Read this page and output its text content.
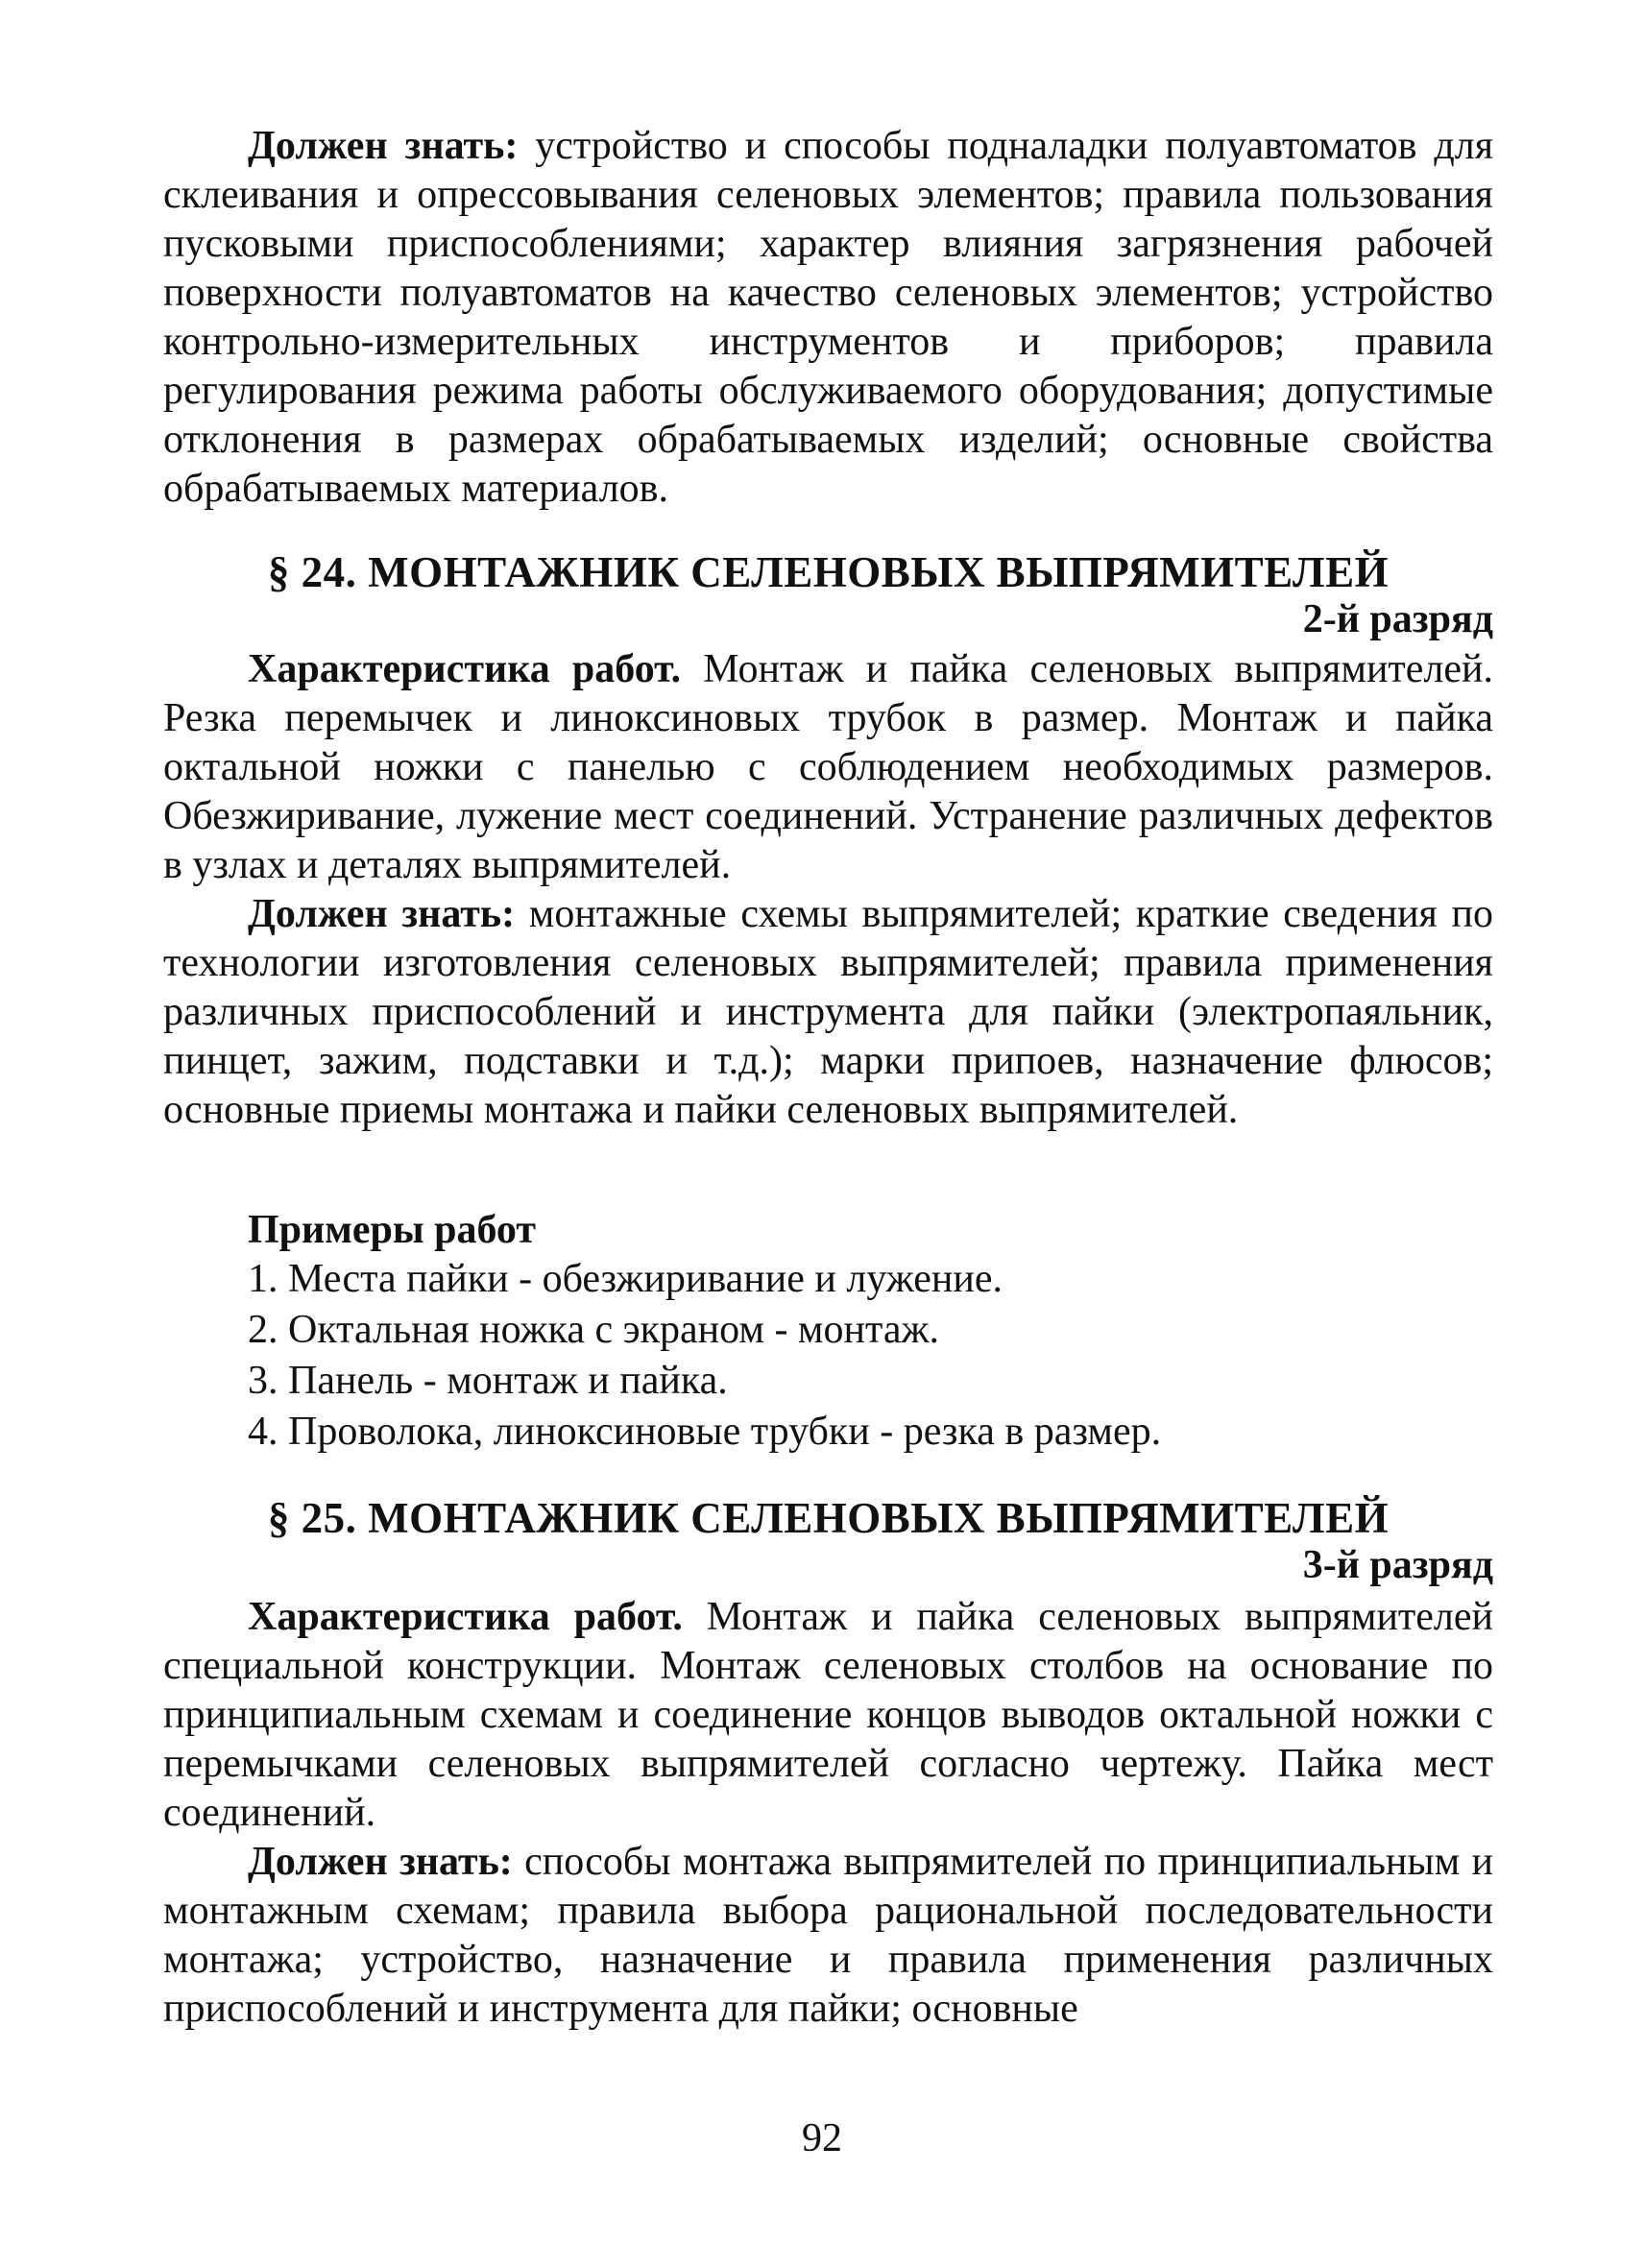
Должен знать: устройство и способы подналадки полуавтоматов для склеивания и опрессовывания селеновых элементов; правила пользования пусковыми приспособлениями; характер влияния загрязнения рабочей поверхности полуавтоматов на качество селеновых элементов; устройство контрольно-измерительных инструментов и приборов; правила регулирования режима работы обслуживаемого оборудования; допустимые отклонения в размерах обрабатываемых изделий; основные свойства обрабатываемых материалов.

§ 24. МОНТАЖНИК СЕЛЕНОВЫХ ВЫПРЯМИТЕЛЕЙ
2-й разряд

Характеристика работ. Монтаж и пайка селеновых выпрямителей. Резка перемычек и линоксиновых трубок в размер. Монтаж и пайка октальной ножки с панелью с соблюдением необходимых размеров. Обезжиривание, лужение мест соединений. Устранение различных дефектов в узлах и деталях выпрямителей.

Должен знать: монтажные схемы выпрямителей; краткие сведения по технологии изготовления селеновых выпрямителей; правила применения различных приспособлений и инструмента для пайки (электропаяльник, пинцет, зажим, подставки и т.д.); марки припоев, назначение флюсов; основные приемы монтажа и пайки селеновых выпрямителей.

Примеры работ
1. Места пайки - обезжиривание и лужение.
2. Октальная ножка с экраном - монтаж.
3. Панель - монтаж и пайка.
4. Проволока, линоксиновые трубки - резка в размер.
§ 25. МОНТАЖНИК СЕЛЕНОВЫХ ВЫПРЯМИТЕЛЕЙ
3-й разряд

Характеристика работ. Монтаж и пайка селеновых выпрямителей специальной конструкции. Монтаж селеновых столбов на основание по принципиальным схемам и соединение концов выводов октальной ножки с перемычками селеновых выпрямителей согласно чертежу. Пайка мест соединений.

Должен знать: способы монтажа выпрямителей по принципиальным и монтажным схемам; правила выбора рациональной последовательности монтажа; устройство, назначение и правила применения различных приспособлений и инструмента для пайки; основные

92
